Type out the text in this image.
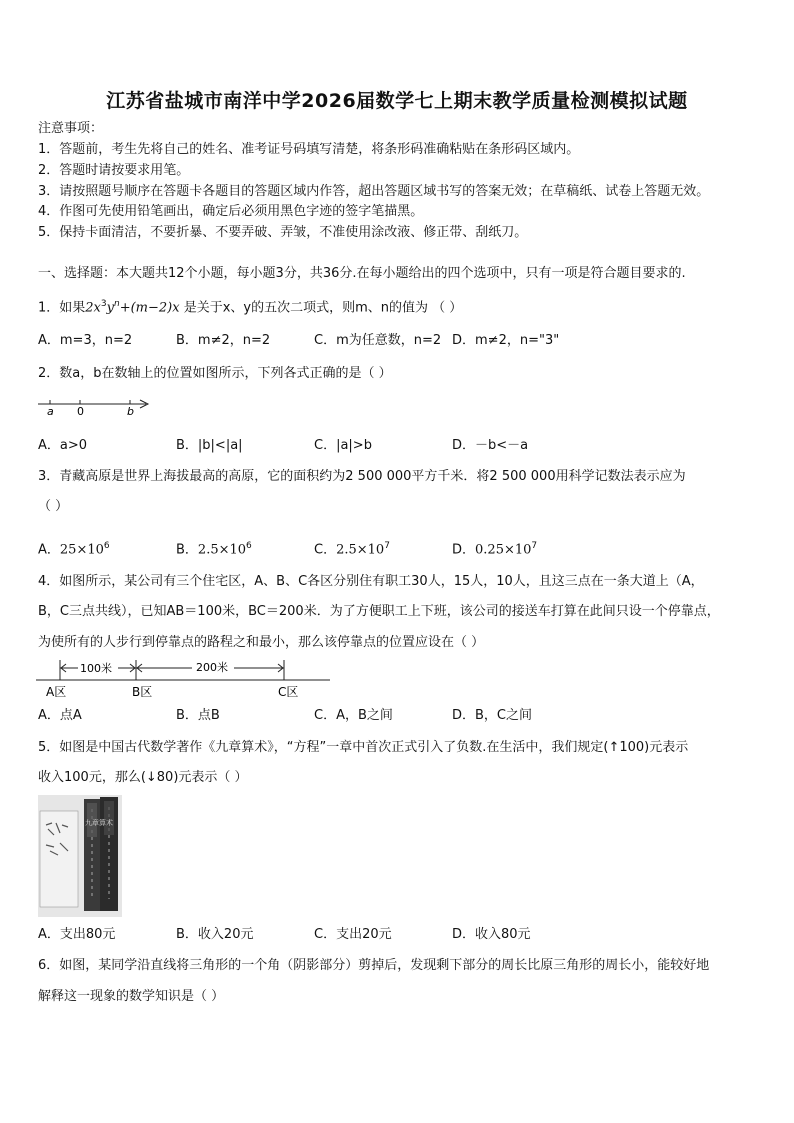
江苏省盐城市南洋中学2026届数学七上期末教学质量检测模拟试题
注意事项：
1．答题前，考生先将自己的姓名、准考证号码填写清楚，将条形码准确粘贴在条形码区域内。
2．答题时请按要求用笔。
3．请按照题号顺序在答题卡各题目的答题区域内作答，超出答题区域书写的答案无效；在草稿纸、试卷上答题无效。
4．作图可先使用铅笔画出，确定后必须用黑色字迹的签字笔描黑。
5．保持卡面清洁，不要折暴、不要弄破、弄皱，不准使用涂改液、修正带、刮纸刀。
一、选择题：本大题共12个小题，每小题3分，共36分.在每小题给出的四个选项中，只有一项是符合题目要求的.
1．如果$2x^3y^n+(m-2)x$ 是关于x、y的五次二项式，则m、n的值为 （ ）
A．m=3，n=2	B．m≠2，n=2	C．m为任意数，n=2 D．m≠2，n="3"
2．数a，b在数轴上的位置如图所示，下列各式正确的是（ ）
a 0	b
A．a>0	B．|b|<|a|	C．|a|>b	D．－b<－a
3．青藏高原是世界上海拔最高的高原，它的面积约为2 500 000平方千米．将2 500 000用科学记数法表示应为
（ ）
A．$25\times 10^6$	B．$2.5\times 10^6$	C．$2.5\times 10^7$	D．$0.25\times 10^7$
4．如图所示，某公司有三个住宅区，A、B、C各区分别住有职工30人，15人，10人，且这三点在一条大道上（A，
B，C三点共线），已知AB＝100米，BC＝200米．为了方便职工上下班，该公司的接送车打算在此间只设一个停靠点，
为使所有的人步行到停靠点的路程之和最小，那么该停靠点的位置应设在（ ）
100米	200米
A区	B区	C区
A．点A	B．点B	C．A，B之间	D．B，C之间
5．如图是中国古代数学著作《九章算术》，“方程”一章中首次正式引入了负数.在生活中，我们规定(↑100)元表示
收入100元，那么(↓80)元表示（ ）
九章算术
A．支出80元	B．收入20元	C．支出20元	D．收入80元
6．如图，某同学沿直线将三角形的一个角（阴影部分）剪掉后，发现剩下部分的周长比原三角形的周长小，能较好地
解释这一现象的数学知识是（ ）
